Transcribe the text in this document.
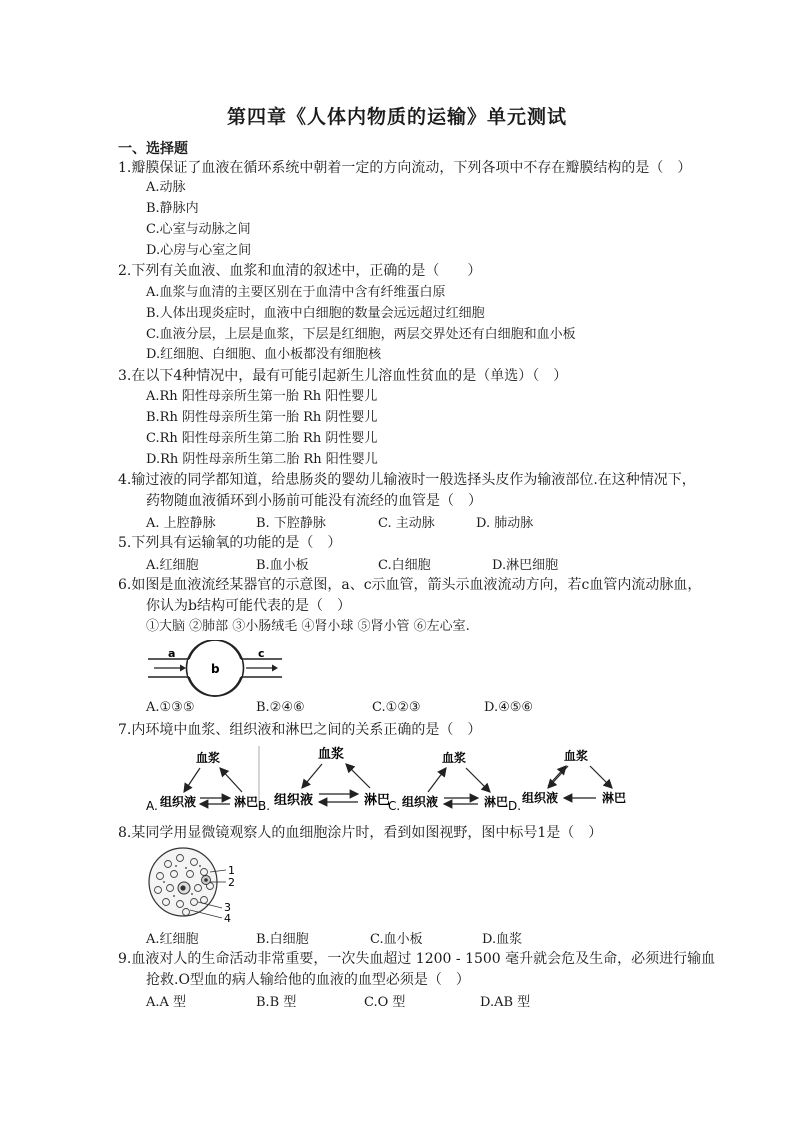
第四章《人体内物质的运输》单元测试
一、选择题
1.瓣膜保证了血液在循环系统中朝着一定的方向流动，下列各项中不存在瓣膜结构的是（　）
A.动脉
B.静脉内
C.心室与动脉之间
D.心房与心室之间
2.下列有关血液、血浆和血清的叙述中，正确的是（　　）
A.血浆与血清的主要区别在于血清中含有纤维蛋白原
B.人体出现炎症时，血液中白细胞的数量会远远超过红细胞
C.血液分层，上层是血浆，下层是红细胞，两层交界处还有白细胞和血小板
D.红细胞、白细胞、血小板都没有细胞核
3.在以下4种情况中，最有可能引起新生儿溶血性贫血的是（单选）（　）
A.Rh 阳性母亲所生第一胎 Rh 阳性婴儿
B.Rh 阴性母亲所生第一胎 Rh 阴性婴儿
C.Rh 阳性母亲所生第二胎 Rh 阴性婴儿
D.Rh 阴性母亲所生第二胎 Rh 阳性婴儿
4.输过液的同学都知道，给患肠炎的婴幼儿输液时一般选择头皮作为输液部位.在这种情况下，
药物随血液循环到小肠前可能没有流经的血管是（　）
A. 上腔静脉	B. 下腔静脉	C. 主动脉	D. 肺动脉
5.下列具有运输氧的功能的是（　）
A.红细胞	B.血小板	C.白细胞	D.淋巴细胞
6.如图是血液流经某器官的示意图，a、c示血管，箭头示血液流动方向，若c血管内流动脉血，
你认为b结构可能代表的是（　）
①大脑 ②肺部 ③小肠绒毛 ④肾小球 ⑤肾小管 ⑥左心室.
a
b
c
A.①③⑤	B.②④⑥	C.①②③	D.④⑤⑥
7.内环境中血浆、组织液和淋巴之间的关系正确的是（　）
A.
血浆
组织液	淋巴 B.
血浆
组织液	淋巴
C.
血浆
组织液	淋巴 D.
血浆
组织液	淋巴
8.某同学用显微镜观察人的血细胞涂片时，看到如图视野，图中标号1是（　）
1
2
3
4
A.红细胞	B.白细胞	C.血小板	D.血浆
9.血液对人的生命活动非常重要，一次失血超过 1200 - 1500 毫升就会危及生命，必须进行输血
抢救.O型血的病人输给他的血液的血型必须是（　）
A.A 型	B.B 型	C.O 型	D.AB 型
